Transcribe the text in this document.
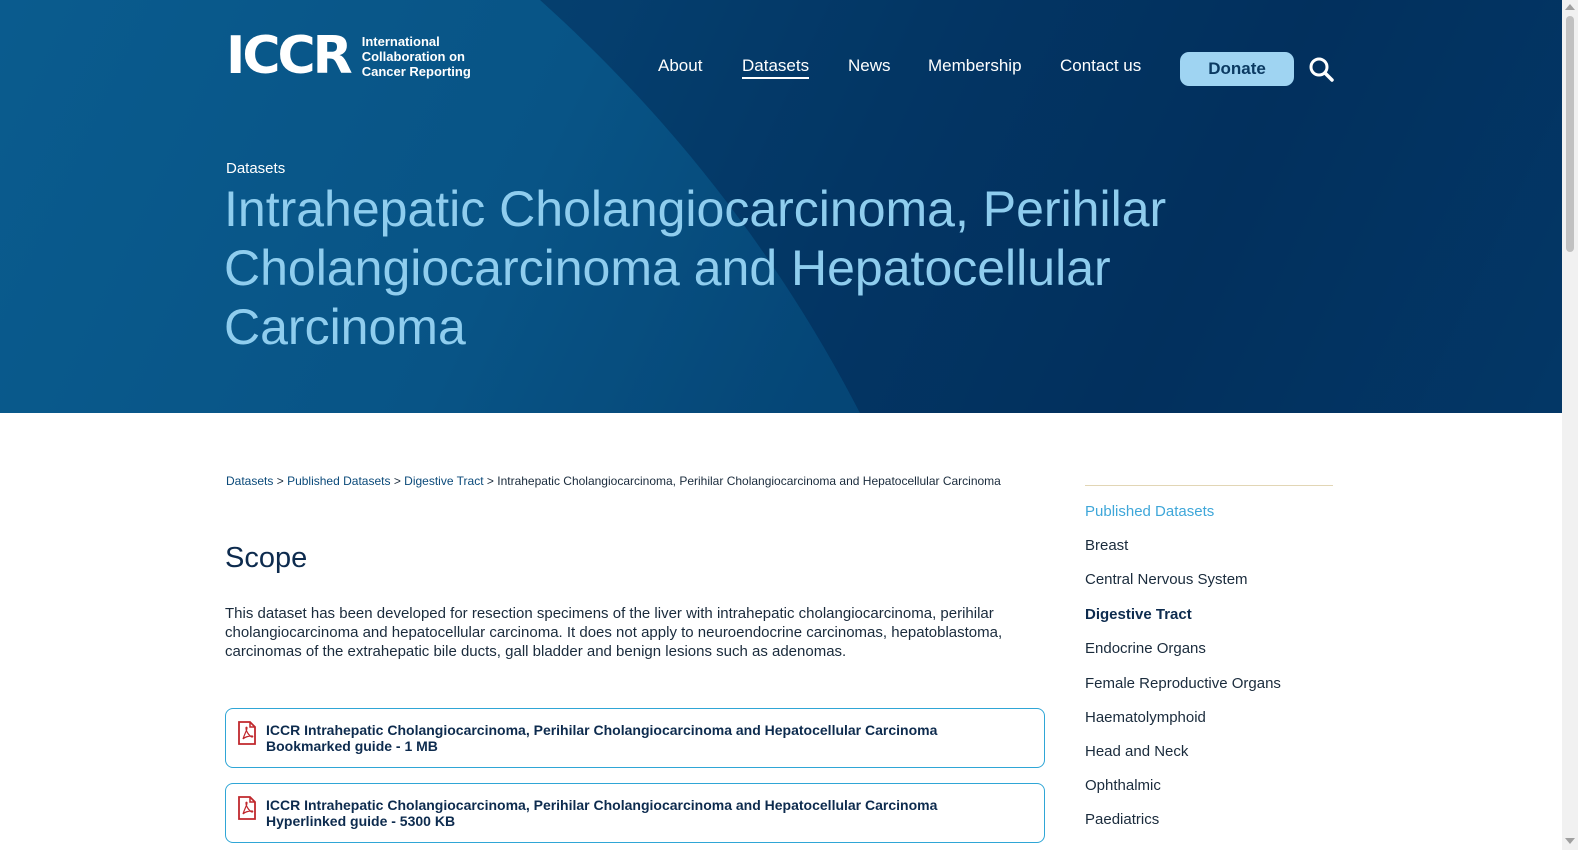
ICCR International Collaboration on Cancer Reporting	About Datasets News Membership Contact us	Donate
Datasets
Intrahepatic Cholangiocarcinoma, Perihilar Cholangiocarcinoma and Hepatocellular Carcinoma
Datasets > Published Datasets > Digestive Tract > Intrahepatic Cholangiocarcinoma, Perihilar Cholangiocarcinoma and Hepatocellular Carcinoma
Scope

This dataset has been developed for resection specimens of the liver with intrahepatic cholangiocarcinoma, perihilar cholangiocarcinoma and hepatocellular carcinoma. It does not apply to neuroendocrine carcinomas, hepatoblastoma, carcinomas of the extrahepatic bile ducts, gall bladder and benign lesions such as adenomas.

ICCR Intrahepatic Cholangiocarcinoma, Perihilar Cholangiocarcinoma and Hepatocellular Carcinoma
Bookmarked guide - 1 MB
ICCR Intrahepatic Cholangiocarcinoma, Perihilar Cholangiocarcinoma and Hepatocellular Carcinoma
Hyperlinked guide - 5300 KB
Published Datasets
Breast
Central Nervous System
Digestive Tract
Endocrine Organs
Female Reproductive Organs
Haematolymphoid
Head and Neck
Ophthalmic
Paediatrics
